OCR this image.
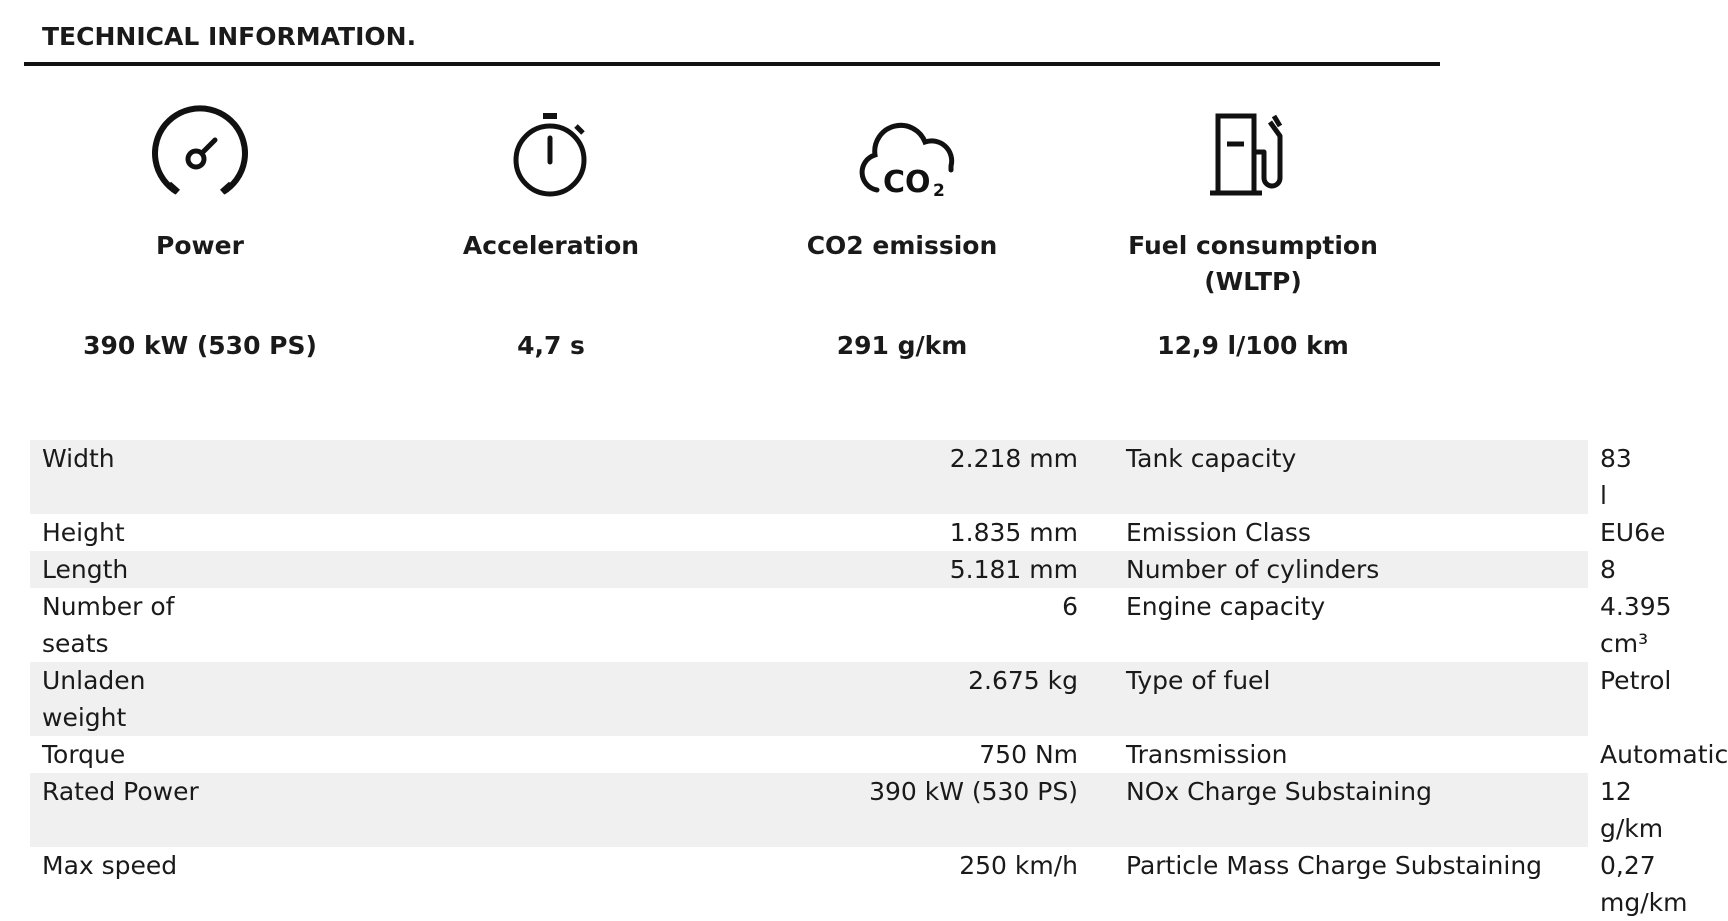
TECHNICAL INFORMATION.
Power
390 kW (530 PS)
Acceleration
4,7 s
CO 2
CO2 emission
291 g/km
Fuel consumption (WLTP)
12,9 l/100 km
Width	2.218 mm	Tank capacity	83 l
Height	1.835 mm	Emission Class	EU6e
Length	5.181 mm	Number of cylinders	8
Number of seats	6	Engine capacity	4.395 cm³
Unladen weight	2.675 kg	Type of fuel	Petrol
Torque	750 Nm	Transmission	Automatic
Rated Power	390 kW (530 PS)	NOx Charge Substaining	12 g/km
Max speed	250 km/h	Particle Mass Charge Substaining	0,27 mg/km
